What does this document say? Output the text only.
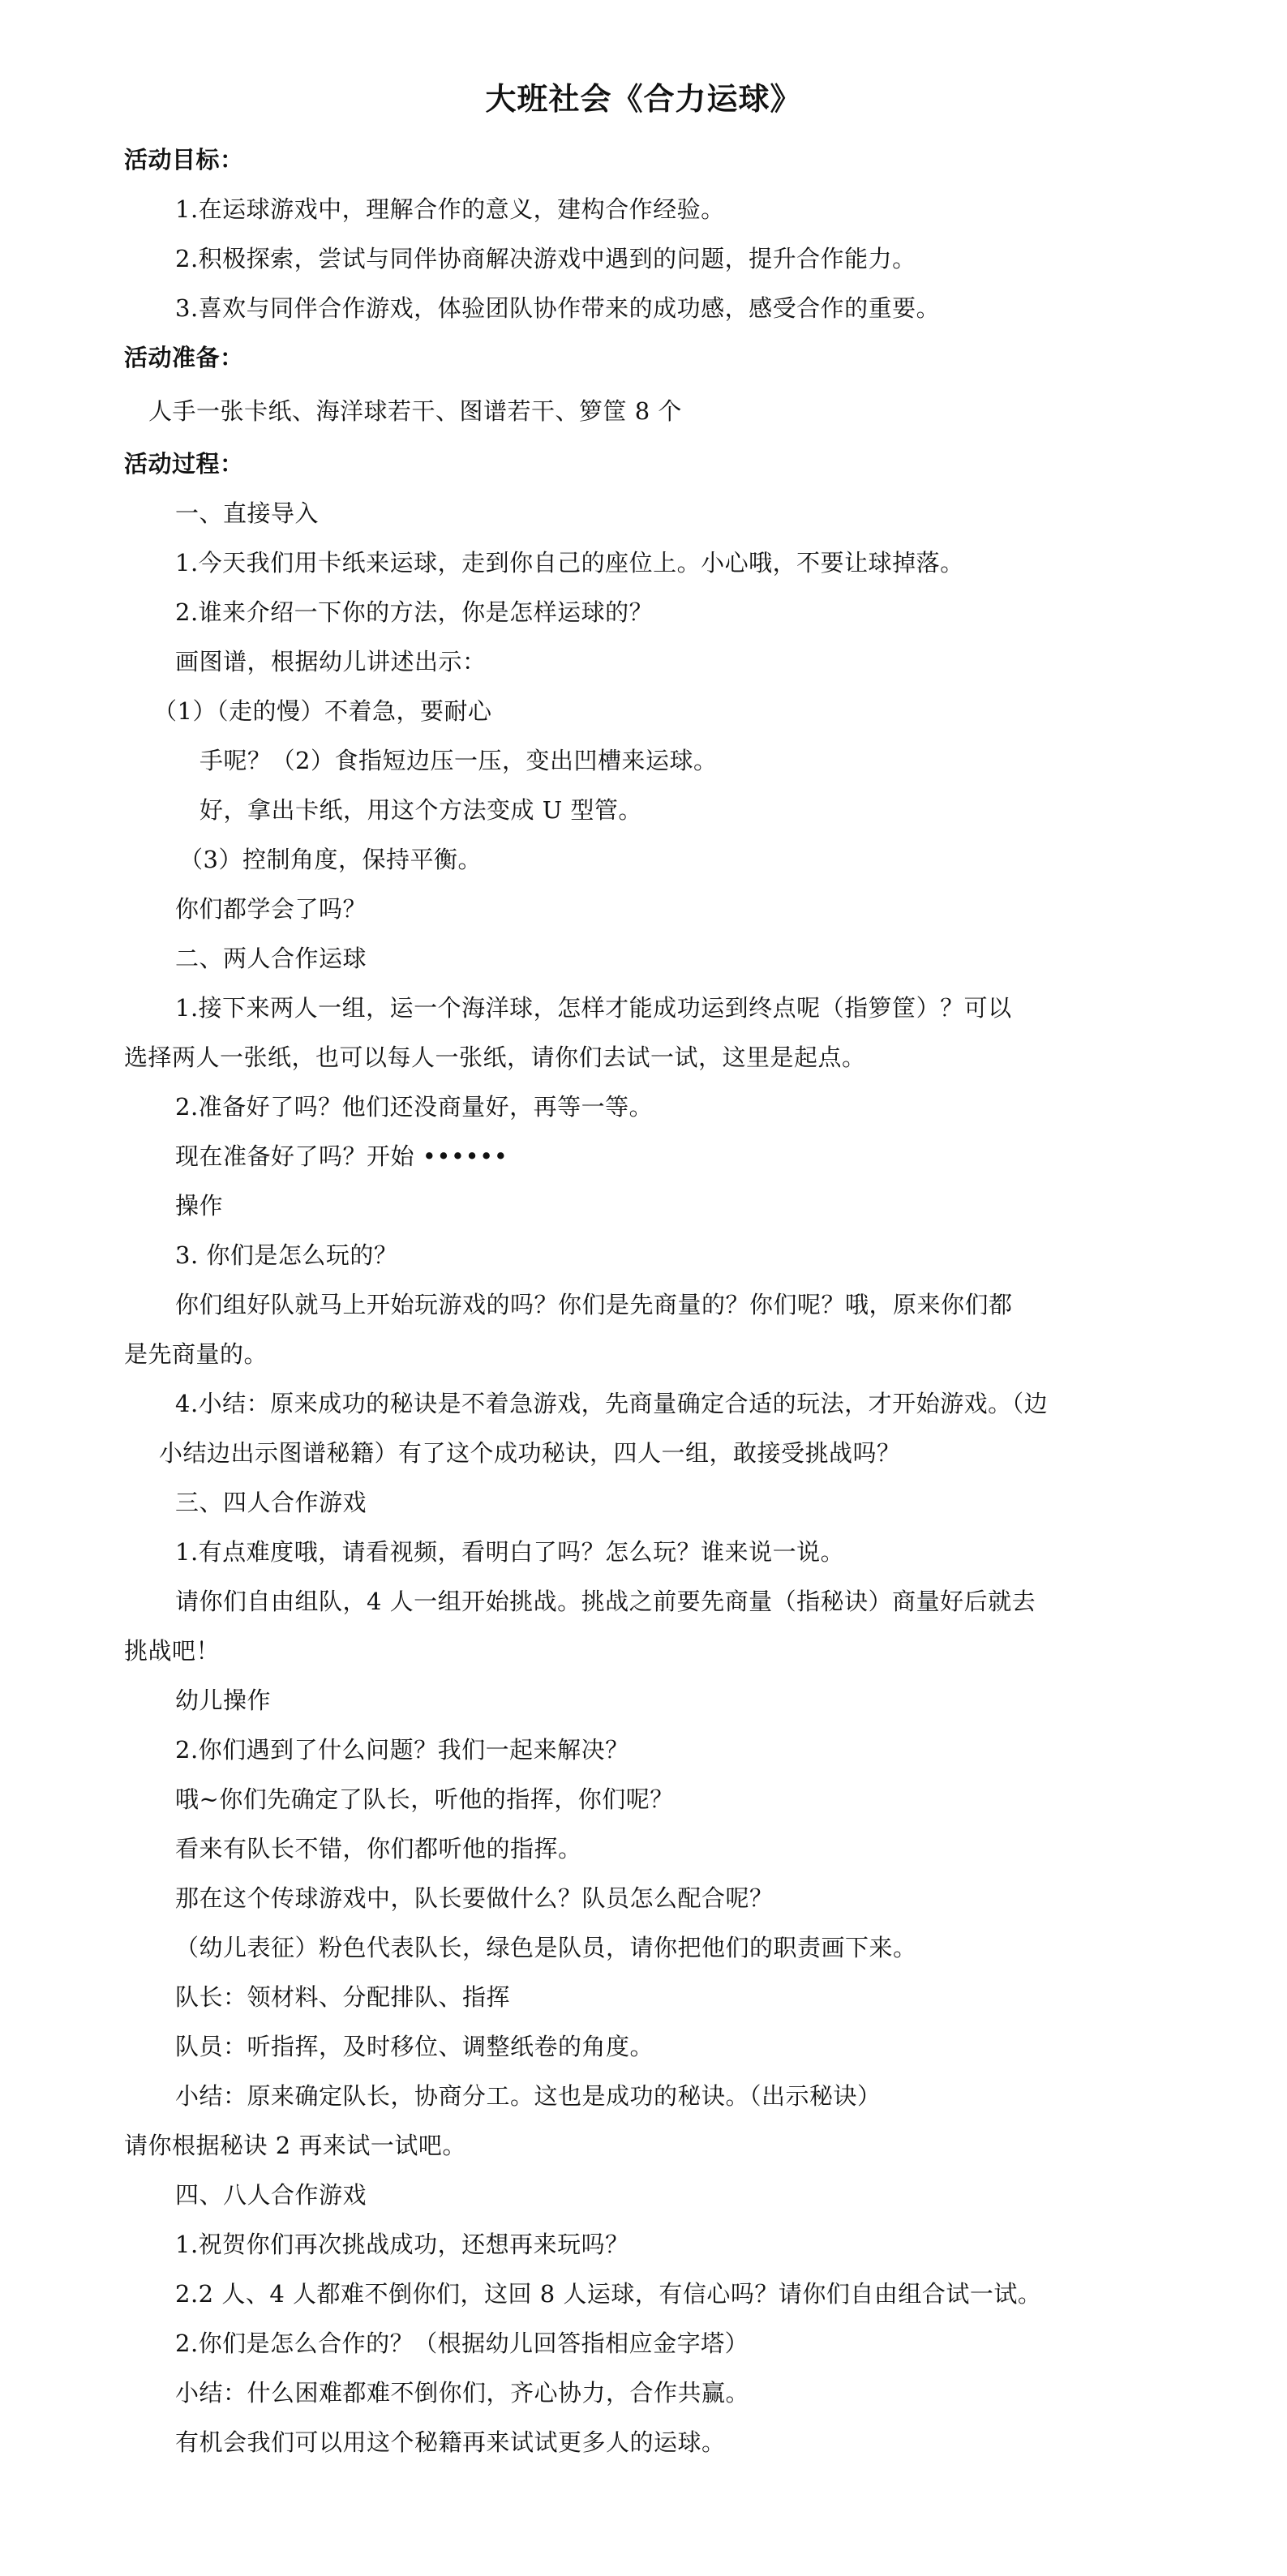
大班社会《合力运球》
活动目标：
1.在运球游戏中，理解合作的意义，建构合作经验。
2.积极探索，尝试与同伴协商解决游戏中遇到的问题，提升合作能力。
3.喜欢与同伴合作游戏，体验团队协作带来的成功感，感受合作的重要。
活动准备：
人手一张卡纸、海洋球若干、图谱若干、箩筐 8 个
活动过程：
一、直接导入
1.今天我们用卡纸来运球，走到你自己的座位上。小心哦，不要让球掉落。
2.谁来介绍一下你的方法，你是怎样运球的？
画图谱，根据幼儿讲述出示：
（1）（走的慢）不着急，要耐心
手呢？（2）食指短边压一压，变出凹槽来运球。
好，拿出卡纸，用这个方法变成 U 型管。
（3）控制角度，保持平衡。
你们都学会了吗？
二、两人合作运球
1.接下来两人一组，运一个海洋球，怎样才能成功运到终点呢（指箩筐）？可以
选择两人一张纸，也可以每人一张纸，请你们去试一试，这里是起点。
2.准备好了吗？他们还没商量好，再等一等。
现在准备好了吗？开始 ••••••
操作
3. 你们是怎么玩的？
你们组好队就马上开始玩游戏的吗？你们是先商量的？你们呢？哦，原来你们都
是先商量的。
4.小结：原来成功的秘诀是不着急游戏，先商量确定合适的玩法，才开始游戏。（边
小结边出示图谱秘籍）有了这个成功秘诀，四人一组，敢接受挑战吗？
三、四人合作游戏
1.有点难度哦，请看视频，看明白了吗？怎么玩？谁来说一说。
请你们自由组队，4 人一组开始挑战。挑战之前要先商量（指秘诀）商量好后就去
挑战吧！
幼儿操作
2.你们遇到了什么问题？我们一起来解决？
哦~你们先确定了队长，听他的指挥，你们呢？
看来有队长不错，你们都听他的指挥。
那在这个传球游戏中，队长要做什么？队员怎么配合呢？
（幼儿表征）粉色代表队长，绿色是队员，请你把他们的职责画下来。
队长：领材料、分配排队、指挥
队员：听指挥，及时移位、调整纸卷的角度。
小结：原来确定队长，协商分工。这也是成功的秘诀。（出示秘诀）
请你根据秘诀 2 再来试一试吧。
四、八人合作游戏
1.祝贺你们再次挑战成功，还想再来玩吗？
2.2 人、4 人都难不倒你们，这回 8 人运球，有信心吗？请你们自由组合试一试。
2.你们是怎么合作的？（根据幼儿回答指相应金字塔）
小结：什么困难都难不倒你们，齐心协力，合作共赢。
有机会我们可以用这个秘籍再来试试更多人的运球。
